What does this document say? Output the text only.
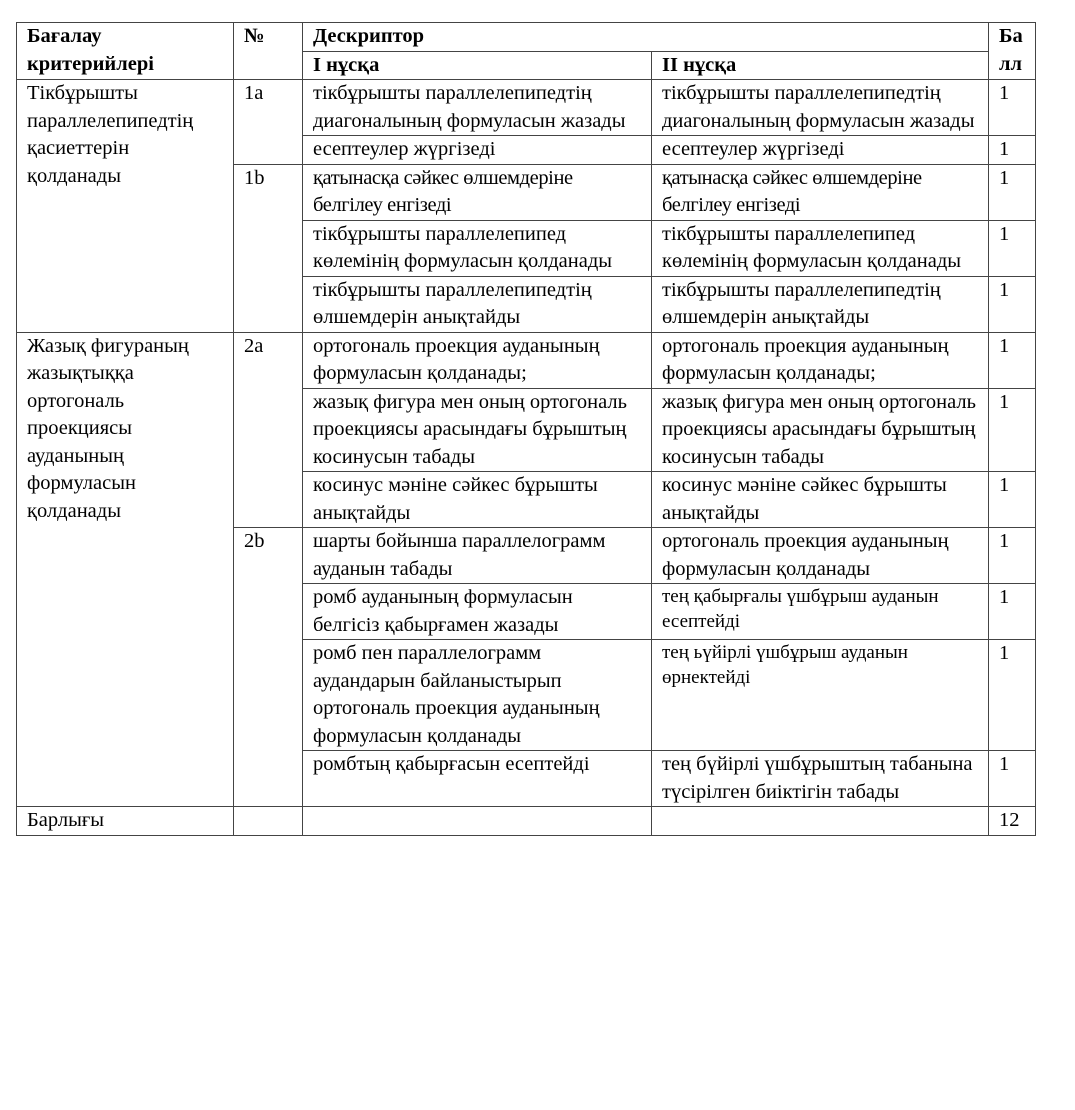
Бағалау критерийлері	№	Дескриптор		Балл
		І нұсқа	ІІ нұсқа	
Тікбұрышты параллелепипедтің қасиеттерін қолданады	1a	тікбұрышты параллелепипедтің диагоналының формуласын жазады	тікбұрышты параллелепипедтің диагоналының формуласын жазады	1
		есептеулер жүргізеді	есептеулер жүргізеді	1
	1b	қатынасқа сәйкес өлшемдеріне белгілеу енгізеді	қатынасқа сәйкес өлшемдеріне белгілеу енгізеді	1
		тікбұрышты параллелепипед көлемінің формуласын қолданады	тікбұрышты параллелепипед көлемінің формуласын қолданады	1
		тікбұрышты параллелепипедтің өлшемдерін анықтайды	тікбұрышты параллелепипедтің өлшемдерін анықтайды	1
Жазық фигураның жазықтыққа ортогональ проекциясы ауданының формуласын қолданады	2a	ортогональ проекция ауданының формуласын қолданады;	ортогональ проекция ауданының формуласын қолданады;	1
		жазық фигура мен оның ортогональ проекциясы арасындағы бұрыштың косинусын табады	жазық фигура мен оның ортогональ проекциясы арасындағы бұрыштың косинусын табады	1
		косинус мәніне сәйкес бұрышты анықтайды	косинус мәніне сәйкес бұрышты анықтайды	1
	2b	шарты бойынша параллелограмм ауданын табады	ортогональ проекция ауданының формуласын қолданады	1
		ромб ауданының формуласын белгісіз қабырғамен жазады	тең қабырғалы үшбұрыш ауданын есептейді	1
		ромб пен параллелограмм аудандарын байланыстырып ортогональ проекция ауданының формуласын қолданады	тең ьүйірлі үшбұрыш ауданын өрнектейді	1
		ромбтың қабырғасын есептейді	тең бүйірлі үшбұрыштың табанына түсірілген биіктігін табады	1
Барлығы				12
